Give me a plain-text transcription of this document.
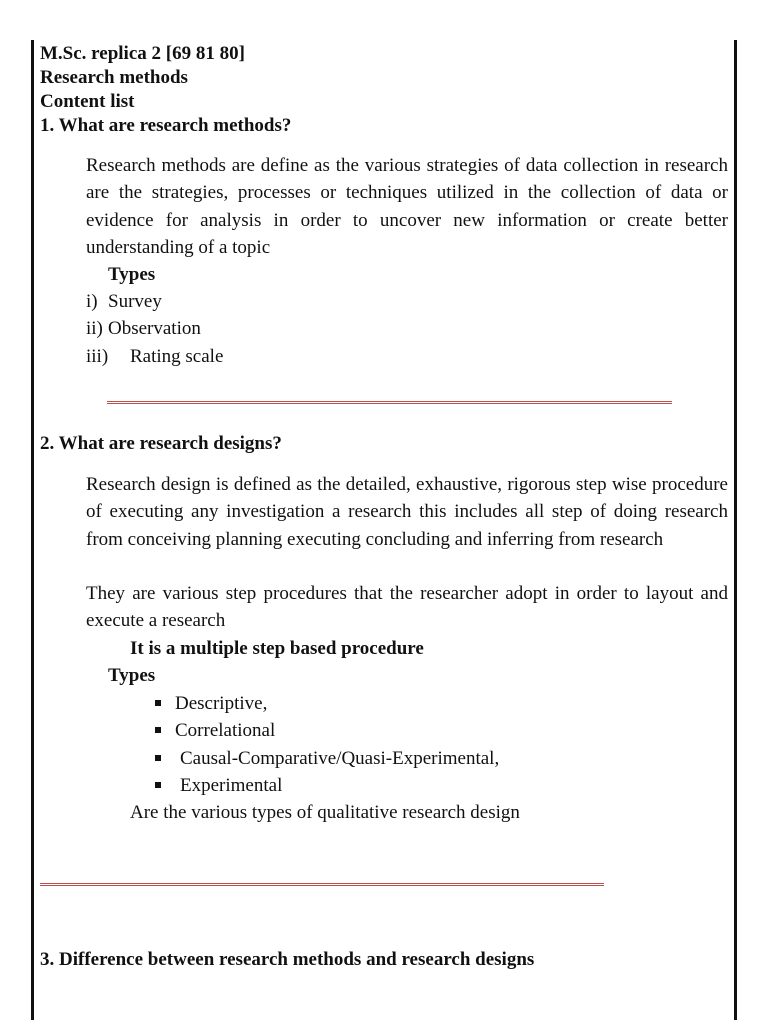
M.Sc. replica 2 [69 81 80]
Research methods
Content list
1. What are research methods?
Research methods are define as the various strategies of data collection in research are the strategies, processes or techniques utilized in the collection of data or evidence for analysis in order to uncover new information or create better understanding of a topic
Types
i) Survey
ii) Observation
iii) Rating scale
2. What are research designs?
Research design is defined as the detailed, exhaustive, rigorous step wise procedure of executing any investigation a research this includes all step of doing research from conceiving planning executing concluding and inferring from research
They are various step procedures that the researcher adopt in order to layout and execute a research
It is a multiple step based procedure
Types
Descriptive,
Correlational
Causal-Comparative/Quasi-Experimental,
Experimental
Are the various types of qualitative research design
3. Difference between research methods and research designs
